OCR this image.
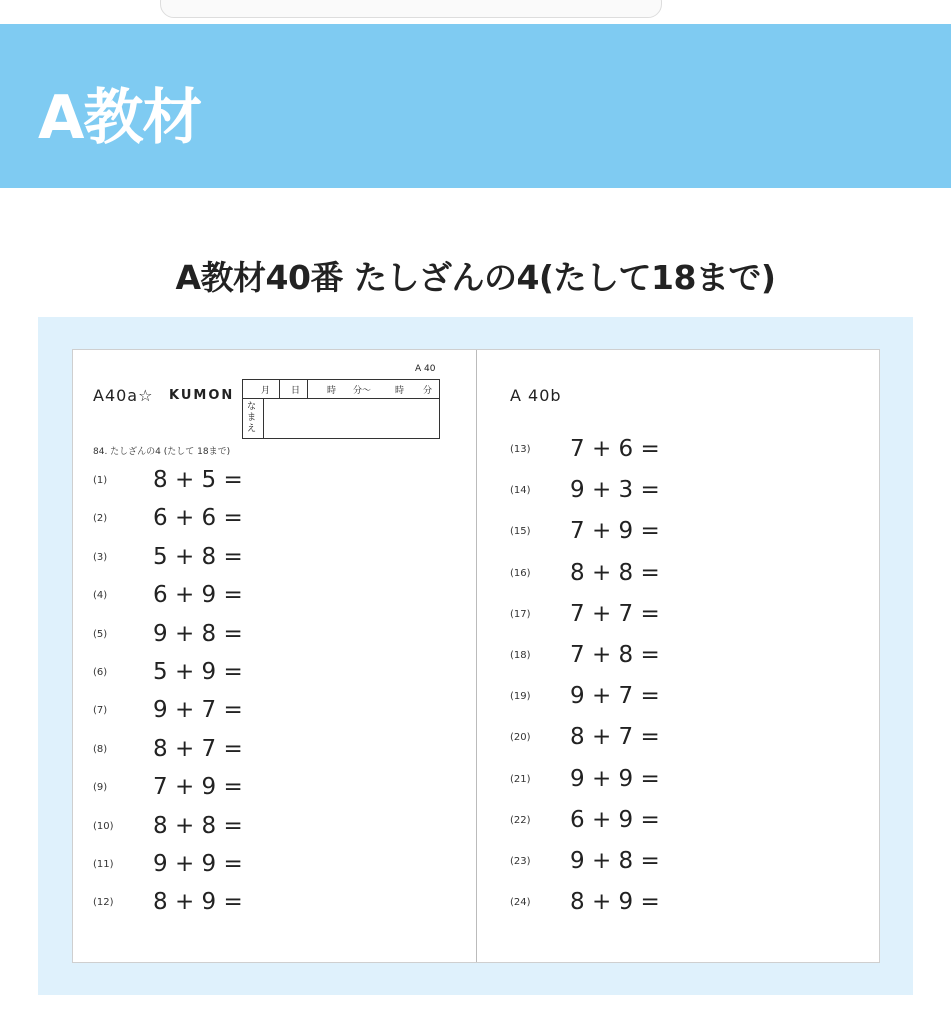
A教材
A教材40番 たしざんの4(たして18まで)
A 40
A40a☆ KUMON	月 日	時 分〜	時 分
なまえ
84. たしざんの4 (たして 18まで)
(1)	8 + 5 =
(2)	6 + 6 =
(3)	5 + 8 =
(4)	6 + 9 =
(5)	9 + 8 =
(6)	5 + 9 =
(7)	9 + 7 =
(8)	8 + 7 =
(9)	7 + 9 =
(10)	8 + 8 =
(11)	9 + 9 =
(12)	8 + 9 =
A 40b
(13)	7 + 6 =
(14)	9 + 3 =
(15)	7 + 9 =
(16)	8 + 8 =
(17)	7 + 7 =
(18)	7 + 8 =
(19)	9 + 7 =
(20)	8 + 7 =
(21)	9 + 9 =
(22)	6 + 9 =
(23)	9 + 8 =
(24)	8 + 9 =
